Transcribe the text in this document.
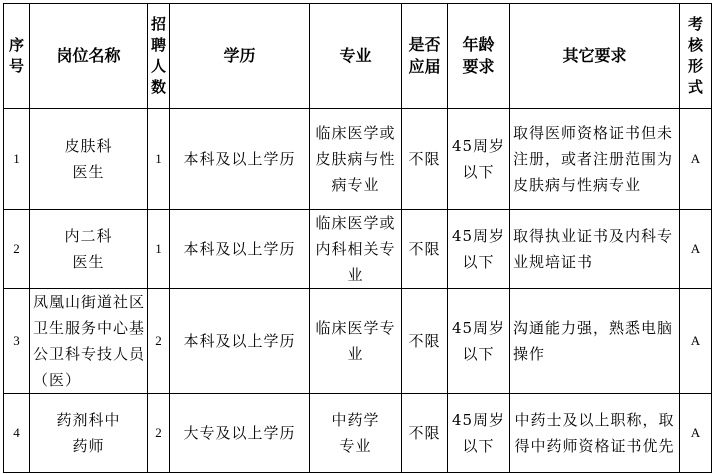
序号	岗位名称	招聘人数	学历	专业	是否应届	年龄要求	其它要求	考核形式

1	皮肤科医生	1	本科及以上学历	临床医学或皮肤病与性病专业	不限	45周岁以下	取得医师资格证书但未注册，或者注册范围为皮肤病与性病专业	A
2	内二科医生	1	本科及以上学历	临床医学或内科相关专业	不限	45周岁以下	取得执业证书及内科专业规培证书	A
3	凤凰山街道社区卫生服务中心基公卫科专技人员（医）	2	本科及以上学历	临床医学专业	不限	45周岁以下	沟通能力强，熟悉电脑操作	A
4	药剂科中药师	2	大专及以上学历	中药学专业	不限	45周岁以下	中药士及以上职称，取得中药师资格证书优先	A
